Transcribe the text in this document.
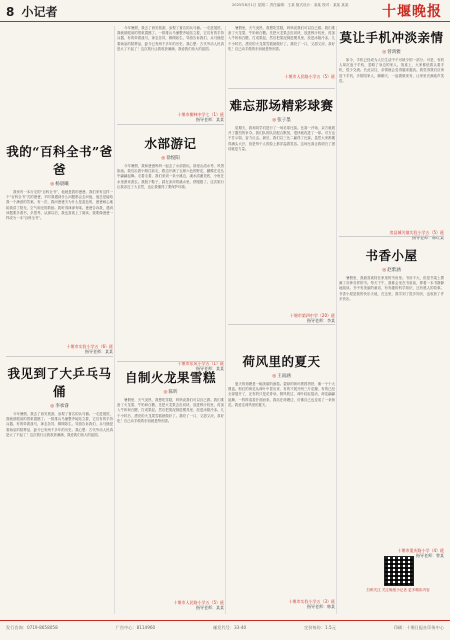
8 小记者	2025年8月1日 星期二 责任编辑：王某 版式设计：某某 校对：某某 某某	十堰晚报
我的“百科全书”爸爸
◎ 杨晨曦
我家有一本行走的“百科全书”，他就是我的爸爸。我们家有这样一个“百科全书”式的爸爸，平时我遇到什么问题都会去问他，他总是能给我一个满意的答案。有一次，我问爸爸天为什么是蓝色的，爸爸耐心地给我讲了阳光、空气和光的散射。我听得津津有味。爸爸告诉我，遇到问题要多看书、多思考。从那以后，我也喜欢上了阅读，我要像爸爸一样成为一本“百科全书”。
十堰市实验小学五（6）班
指导老师：某某
我见到了大乒乓马俑
◎ 李承睿
今年暑假，我去了西安旅游，参观了著名的兵马俑。一走进展馆，我就被眼前的景象震撼了。一排排兵马俑整齐地站立着，它们有的手持兵器，有的牵着战马，神态各异，栩栩如生。导游告诉我们，兵马俑是秦始皇的陪葬品，距今已有两千多年的历史。我心想：古代劳动人民真是太了不起了！这次旅行让我收获满满，我爱我们伟大的祖国。
今年暑假，我去了西安旅游，参观了著名的兵马俑。一走进展馆，我就被眼前的景象震撼了。一排排兵马俑整齐地站立着，它们有的手持兵器，有的牵着战马，神态各异，栩栩如生。导游告诉我们，兵马俑是秦始皇的陪葬品，距今已有两千多年的历史。我心想：古代劳动人民真是太了不起了！这次旅行让我收获满满，我爱我们伟大的祖国。
十堰市柳林中学七（1）班
指导老师：某某
水部游记
◎ 徐悦阳
今年暑假，我和爸爸妈妈一起去了水部游玩。那里山清水秀，风景如画。我们沿着小路往前走，路边开满了五颜六色的野花，蝴蝶在花丛中翩翩起舞。走着走着，我们来到一条小溪边，溪水清澈见底，小鱼在水里游来游去。我脱下鞋子，踩在凉凉的溪水里，舒服极了。这次旅行让我亲近了大自然，也让我懂得了要保护环境。
十堰市东风小学五（1）班
指导老师：某某
自制火龙果雪糕
◎ 陈昕
暑假里，天气炎热，我想吃雪糕，妈妈说我们可以自己做。我们准备了火龙果、牛奶和白糖。先把火龙果去皮切块，放进榨汁机里，再加入牛奶和白糖，打成果泥。然后把果泥倒进模具里，放进冰箱冷冻。几个小时后，漂亮的火龙果雪糕就做好了。我咬了一口，又甜又凉，真好吃！自己动手做的东西就是特别香。
十堰市人民路小学五（5）班
指导老师：某某
暑假里，天气炎热，我想吃雪糕，妈妈说我们可以自己做。我们准备了火龙果、牛奶和白糖。先把火龙果去皮切块，放进榨汁机里，再加入牛奶和白糖，打成果泥。然后把果泥倒进模具里，放进冰箱冷冻。几个小时后，漂亮的火龙果雪糕就做好了。我咬了一口，又甜又凉，真好吃！自己动手做的东西就是特别香。
十堰市人民路小学五（5）班
难忘那场精彩球赛
◎ 张子墨
星期天，我和同学们进行了一场足球比赛。比赛一开始，双方就展开了激烈的争夺。我们队的队员配合默契，很快就攻进了一球。对方也不甘示弱，奋力反击。最后，我们以三比二赢得了比赛。虽然大家都累得满头大汗，但是每个人的脸上都洋溢着笑容。这场比赛让我明白了团结就是力量。
十堰市第四中学（20）班
指导老师：李某
荷风里的夏天
◎ 王雨涵
夏天的荷塘是一幅美丽的画卷。碧绿的荷叶挨挨挤挤，像一个个大圆盘。粉红的荷花从荷叶中冒出来，有的才展开两三片花瓣，有的已经全部展开了，还有的只是花骨朵。微风吹过，荷叶轻轻摇动，荷花翩翩起舞，一阵阵清香扑面而来。我站在荷塘边，仿佛自己也变成了一朵荷花。我爱这荷风里的夏天。
十堰市实验小学五（3）班
指导老师：韩某
莫让手机冲淡亲情
◎ 曾鸿雅
如今，手机已经成为人们生活中不可缺少的一部分。可是，有的人却沉迷于手机，忽略了身边的家人。饭桌上，大家都低着头看手机，很少交流。长此以往，亲情就会变得越来越淡。我觉得我们应该放下手机，多陪陪家人，聊聊天，一起做做家务，让家里充满欢声笑语。
房县城关镇实验小学五（5）班
指导老师：韩红某
书香小屋
◎ 赵紫涵
暑假里，我最喜欢待在家里的书房里。书房不大，但是书架上摆满了各种各样的书。每天下午，我都会坐在书桌前，捧着一本书静静地阅读。书中有美丽的童话，有有趣的科学知识，还有感人的故事。书香小屋是我的快乐天地，在这里，我学到了很多知识，也收获了许多快乐。
十堰市重庆路小学（4）班
指导老师：曾某
扫码关注 关注晚报小记者 更多精彩内容
发行咨询：0719-8658058	广告中心：8114960	邮发代号：33-40	定价每份：1.5元	印刷：十堰日报社印务中心
